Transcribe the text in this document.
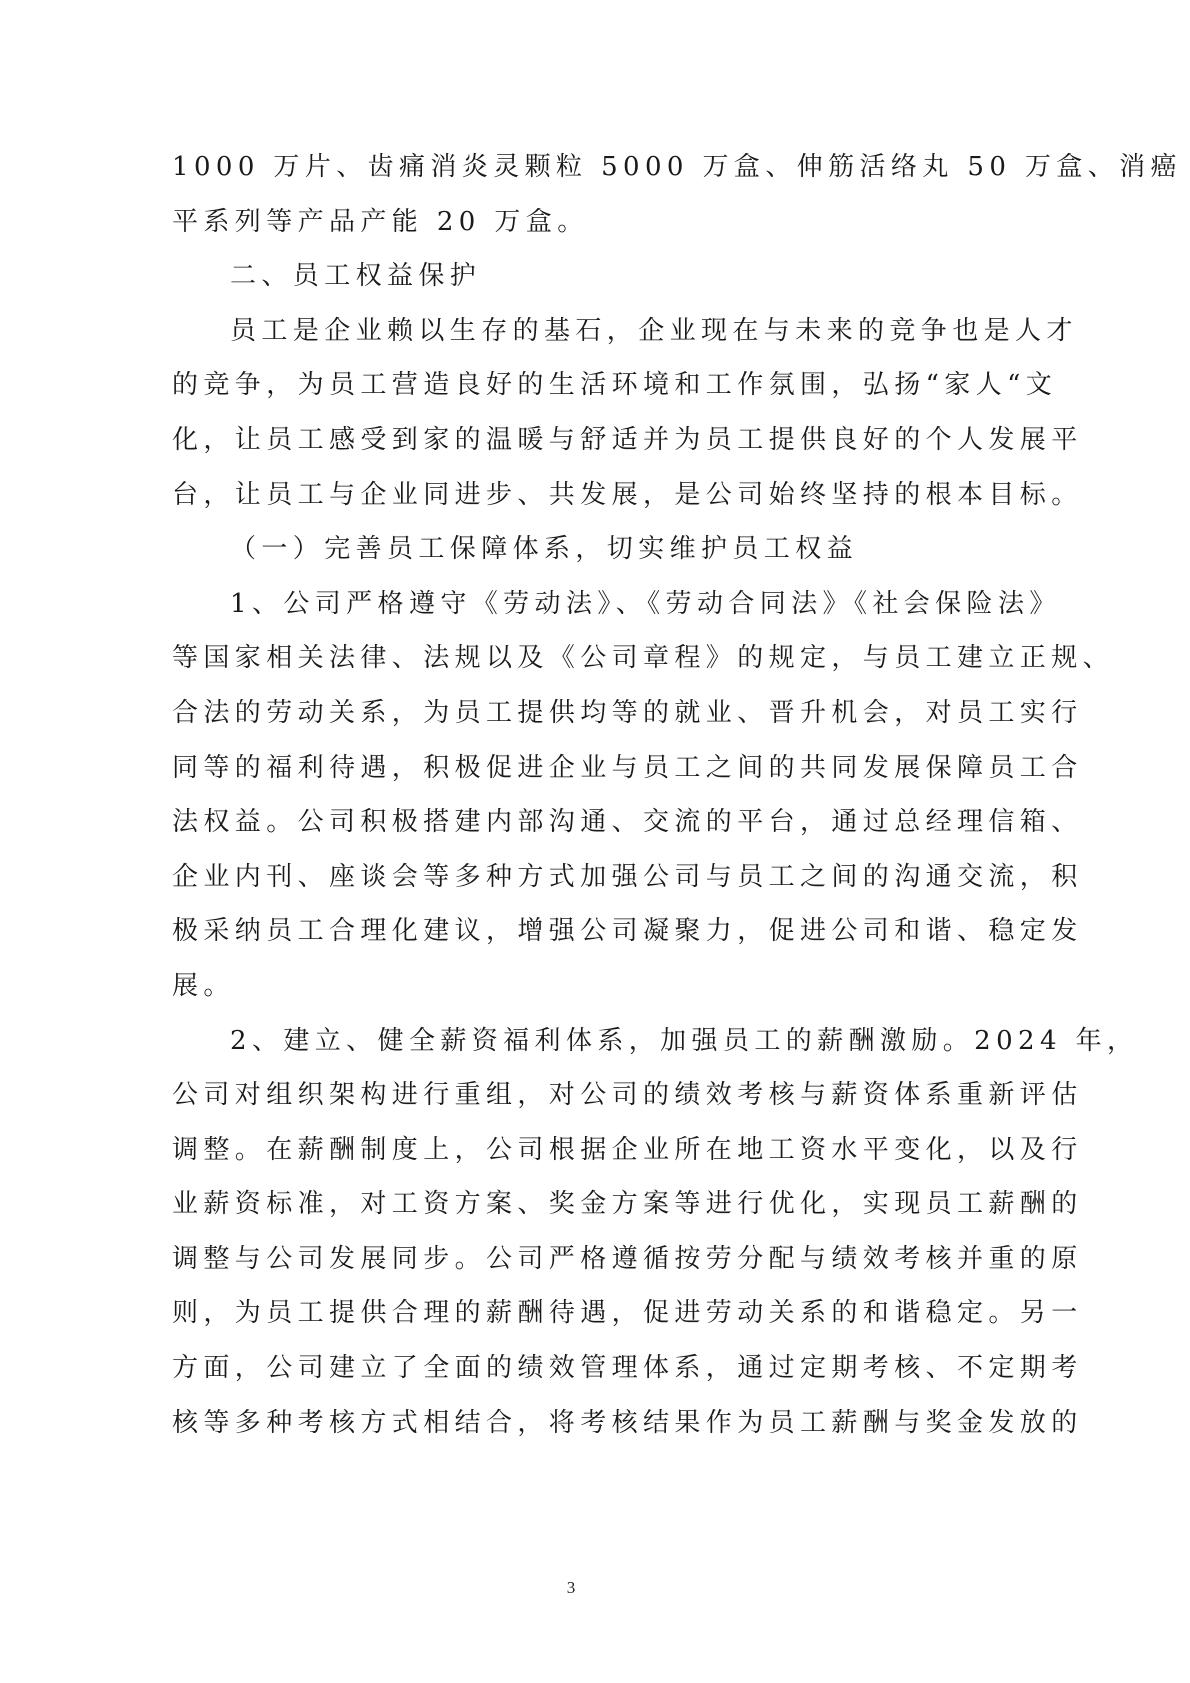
1000 万片、齿痛消炎灵颗粒 5000 万盒、伸筋活络丸 50 万盒、消癌
平系列等产品产能 20 万盒。
二、员工权益保护
员工是企业赖以生存的基石，企业现在与未来的竞争也是人才
的竞争，为员工营造良好的生活环境和工作氛围，弘扬“家人“文
化，让员工感受到家的温暖与舒适并为员工提供良好的个人发展平
台，让员工与企业同进步、共发展，是公司始终坚持的根本目标。
（一）完善员工保障体系，切实维护员工权益
1、公司严格遵守《劳动法》、《劳动合同法》《社会保险法》
等国家相关法律、法规以及《公司章程》的规定，与员工建立正规、
合法的劳动关系，为员工提供均等的就业、晋升机会，对员工实行
同等的福利待遇，积极促进企业与员工之间的共同发展保障员工合
法权益。公司积极搭建内部沟通、交流的平台，通过总经理信箱、
企业内刊、座谈会等多种方式加强公司与员工之间的沟通交流，积
极采纳员工合理化建议，增强公司凝聚力，促进公司和谐、稳定发
展。
2、建立、健全薪资福利体系，加强员工的薪酬激励。2024 年，
公司对组织架构进行重组，对公司的绩效考核与薪资体系重新评估
调整。在薪酬制度上，公司根据企业所在地工资水平变化，以及行
业薪资标准，对工资方案、奖金方案等进行优化，实现员工薪酬的
调整与公司发展同步。公司严格遵循按劳分配与绩效考核并重的原
则，为员工提供合理的薪酬待遇，促进劳动关系的和谐稳定。另一
方面，公司建立了全面的绩效管理体系，通过定期考核、不定期考
核等多种考核方式相结合，将考核结果作为员工薪酬与奖金发放的
3
